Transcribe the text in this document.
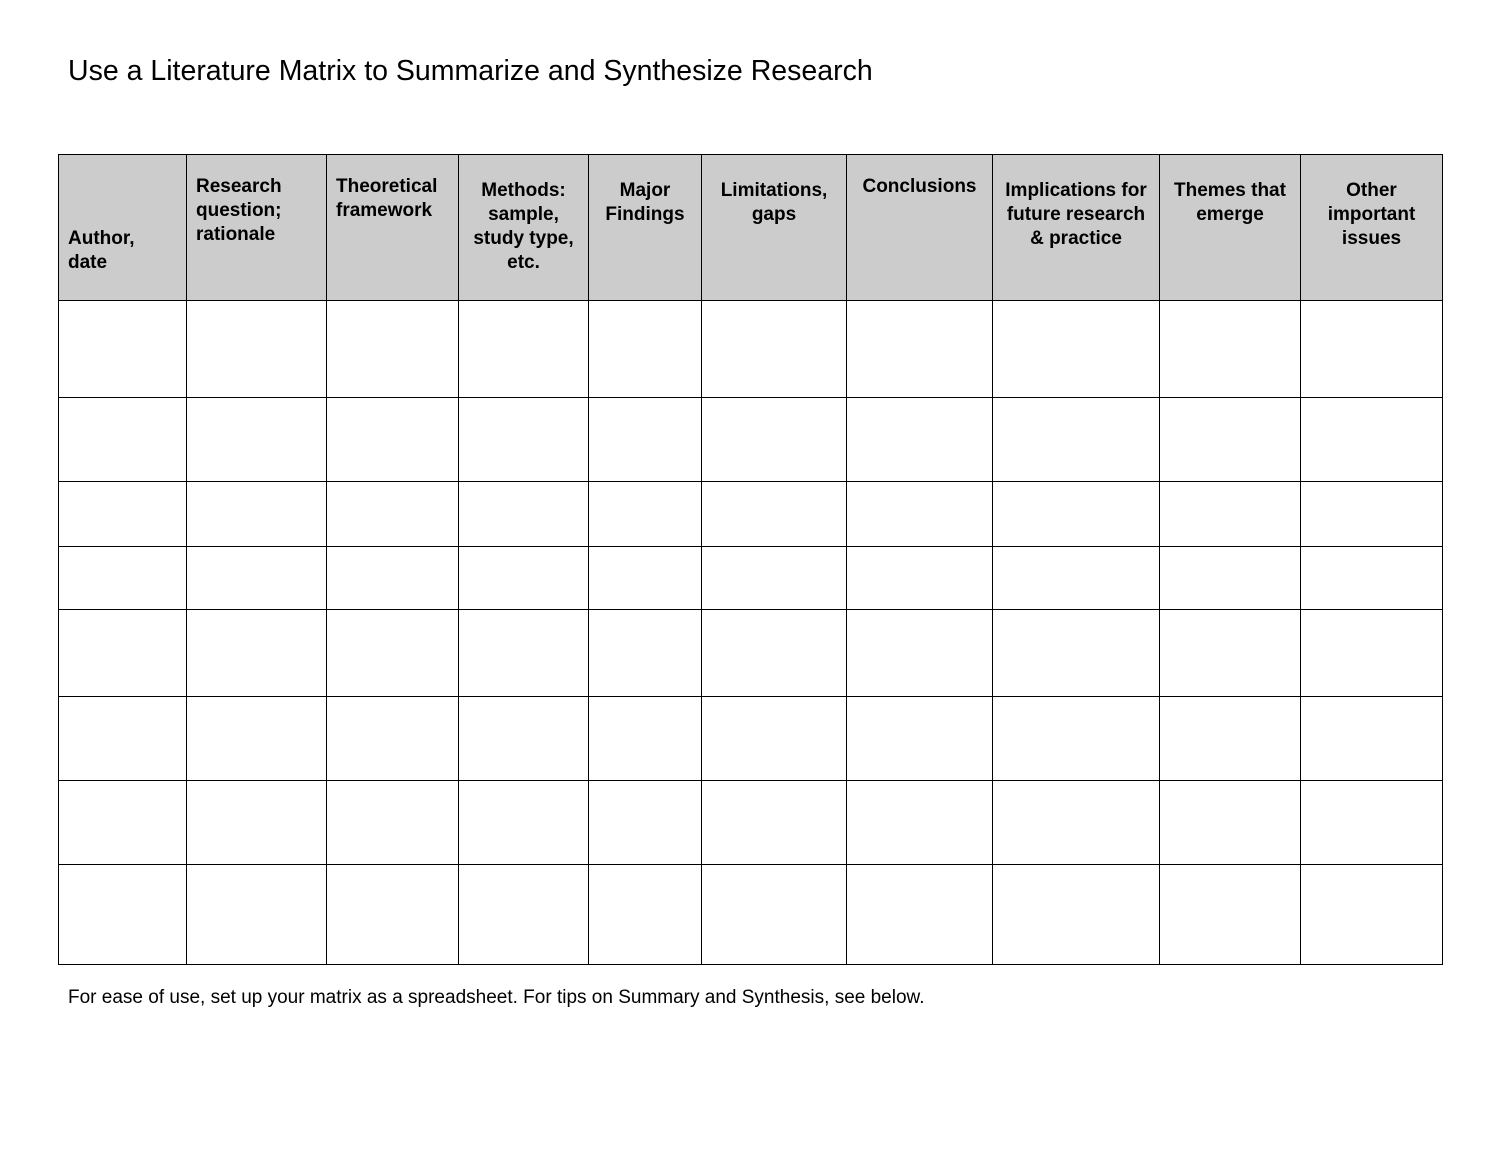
Use a Literature Matrix to Summarize and Synthesize Research
Author, date	Research question; rationale	Theoretical framework	Methods: sample, study type, etc.	Major Findings	Limitations, gaps	Conclusions	Implications for future research & practice	Themes that emerge	Other important issues

For ease of use, set up your matrix as a spreadsheet. For tips on Summary and Synthesis, see below.
